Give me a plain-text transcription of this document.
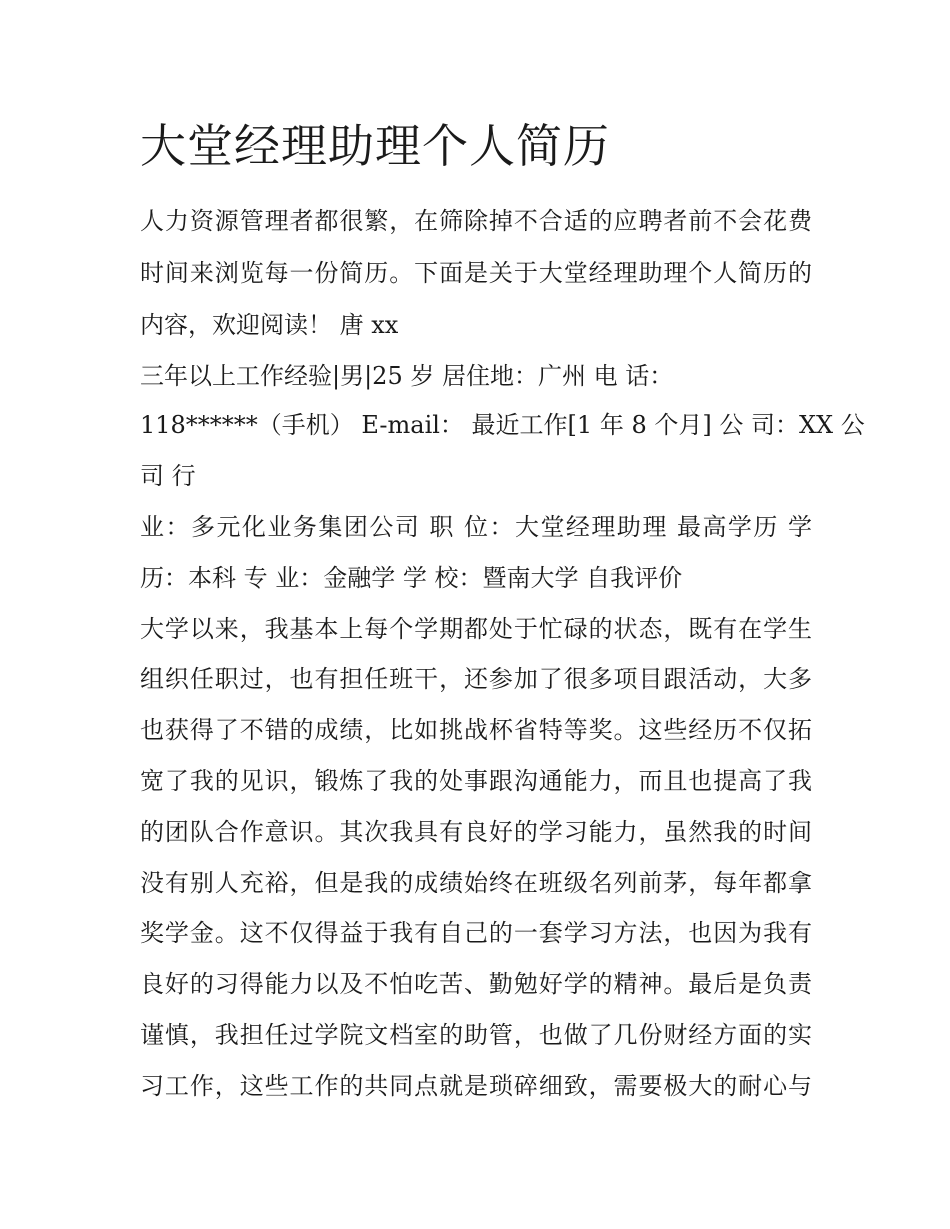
大堂经理助理个人简历
人力资源管理者都很繁，在筛除掉不合适的应聘者前不会花费
时间来浏览每一份简历。下面是关于大堂经理助理个人简历的
内容，欢迎阅读！ 唐 xx
三年以上工作经验|男|25 岁 居住地：广州 电 话：
118******（手机） E-mail： 最近工作[1 年 8 个月] 公 司：XX 公
司 行
业：多元化业务集团公司 职 位：大堂经理助理 最高学历 学
历：本科 专 业：金融学 学 校：暨南大学 自我评价
大学以来，我基本上每个学期都处于忙碌的状态，既有在学生
组织任职过，也有担任班干，还参加了很多项目跟活动，大多
也获得了不错的成绩，比如挑战杯省特等奖。这些经历不仅拓
宽了我的见识，锻炼了我的处事跟沟通能力，而且也提高了我
的团队合作意识。其次我具有良好的学习能力，虽然我的时间
没有别人充裕，但是我的成绩始终在班级名列前茅，每年都拿
奖学金。这不仅得益于我有自己的一套学习方法，也因为我有
良好的习得能力以及不怕吃苦、勤勉好学的精神。最后是负责
谨慎，我担任过学院文档室的助管，也做了几份财经方面的实
习工作，这些工作的共同点就是琐碎细致，需要极大的耐心与
